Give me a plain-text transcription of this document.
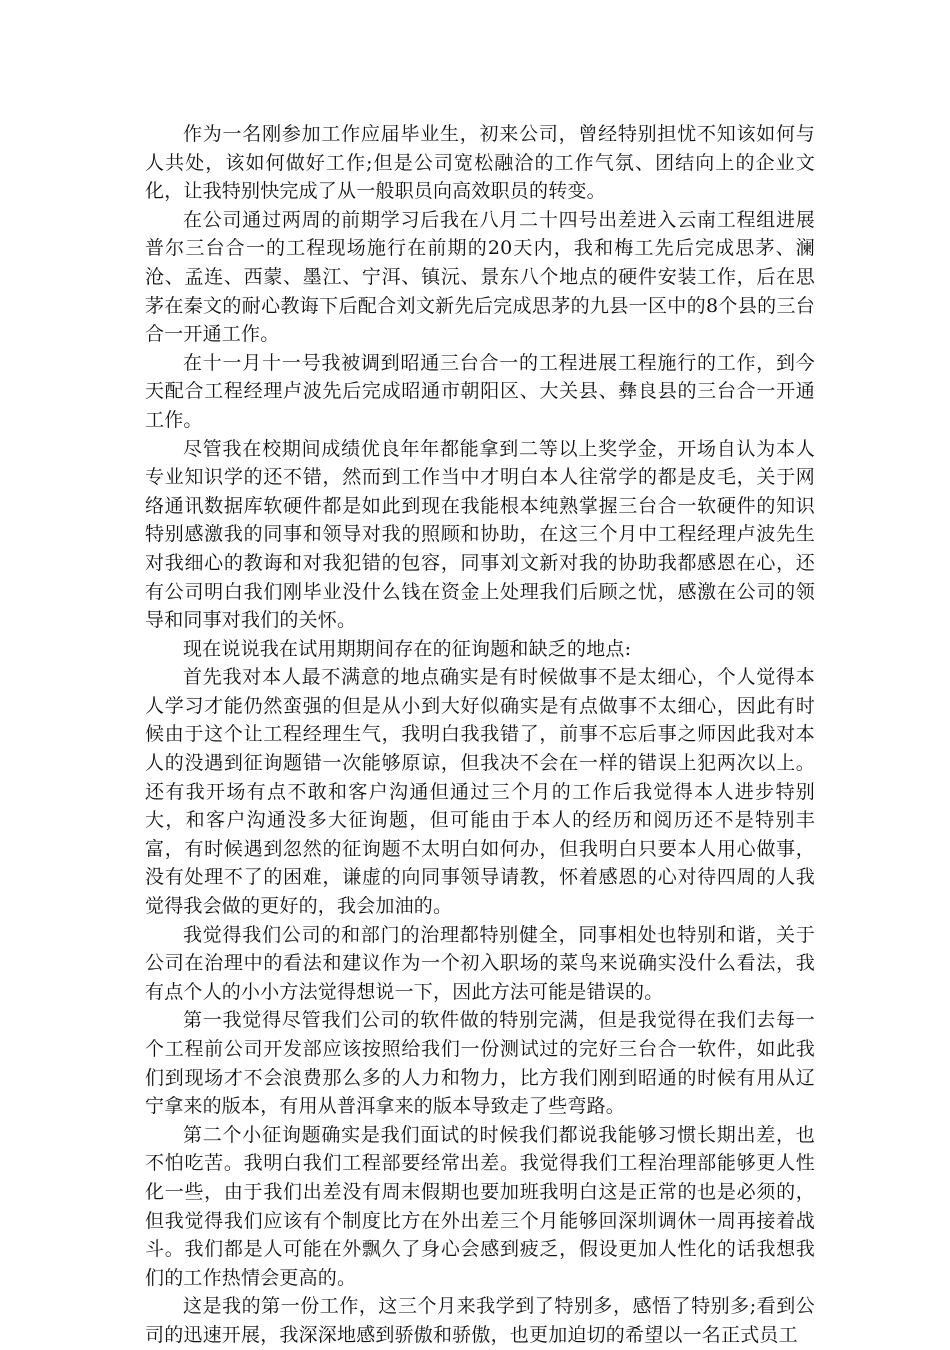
作为一名刚参加工作应届毕业生，初来公司，曾经特别担忧不知该如何与人共处，该如何做好工作;但是公司宽松融洽的工作气氛、团结向上的企业文化，让我特别快完成了从一般职员向高效职员的转变。

在公司通过两周的前期学习后我在八月二十四号出差进入云南工程组进展普尔三台合一的工程现场施行在前期的20天内，我和梅工先后完成思茅、澜沧、孟连、西蒙、墨江、宁洱、镇沅、景东八个地点的硬件安装工作，后在思茅在秦文的耐心教诲下后配合刘文新先后完成思茅的九县一区中的8个县的三台合一开通工作。

在十一月十一号我被调到昭通三台合一的工程进展工程施行的工作，到今天配合工程经理卢波先后完成昭通市朝阳区、大关县、彝良县的三台合一开通工作。

尽管我在校期间成绩优良年年都能拿到二等以上奖学金，开场自认为本人专业知识学的还不错，然而到工作当中才明白本人往常学的都是皮毛，关于网络通讯数据库软硬件都是如此到现在我能根本纯熟掌握三台合一软硬件的知识特别感激我的同事和领导对我的照顾和协助，在这三个月中工程经理卢波先生对我细心的教诲和对我犯错的包容，同事刘文新对我的协助我都感恩在心，还有公司明白我们刚毕业没什么钱在资金上处理我们后顾之忧，感激在公司的领导和同事对我们的关怀。

现在说说我在试用期期间存在的征询题和缺乏的地点:

首先我对本人最不满意的地点确实是有时候做事不是太细心，个人觉得本人学习才能仍然蛮强的但是从小到大好似确实是有点做事不太细心，因此有时候由于这个让工程经理生气，我明白我我错了，前事不忘后事之师因此我对本人的没遇到征询题错一次能够原谅，但我决不会在一样的错误上犯两次以上。还有我开场有点不敢和客户沟通但通过三个月的工作后我觉得本人进步特别大，和客户沟通没多大征询题，但可能由于本人的经历和阅历还不是特别丰富，有时候遇到忽然的征询题不太明白如何办，但我明白只要本人用心做事，没有处理不了的困难，谦虚的向同事领导请教，怀着感恩的心对待四周的人我觉得我会做的更好的，我会加油的。

我觉得我们公司的和部门的治理都特别健全，同事相处也特别和谐，关于公司在治理中的看法和建议作为一个初入职场的菜鸟来说确实没什么看法，我有点个人的小小方法觉得想说一下，因此方法可能是错误的。

第一我觉得尽管我们公司的软件做的特别完满，但是我觉得在我们去每一个工程前公司开发部应该按照给我们一份测试过的完好三台合一软件，如此我们到现场才不会浪费那么多的人力和物力，比方我们刚到昭通的时候有用从辽宁拿来的版本，有用从普洱拿来的版本导致走了些弯路。

第二个小征询题确实是我们面试的时候我们都说我能够习惯长期出差，也不怕吃苦。我明白我们工程部要经常出差。我觉得我们工程治理部能够更人性化一些，由于我们出差没有周末假期也要加班我明白这是正常的也是必须的，但我觉得我们应该有个制度比方在外出差三个月能够回深圳调休一周再接着战斗。我们都是人可能在外飘久了身心会感到疲乏，假设更加人性化的话我想我们的工作热情会更高的。

这是我的第一份工作，这三个月来我学到了特别多，感悟了特别多;看到公司的迅速开展，我深深地感到骄傲和骄傲，也更加迫切的希望以一名正式员工
